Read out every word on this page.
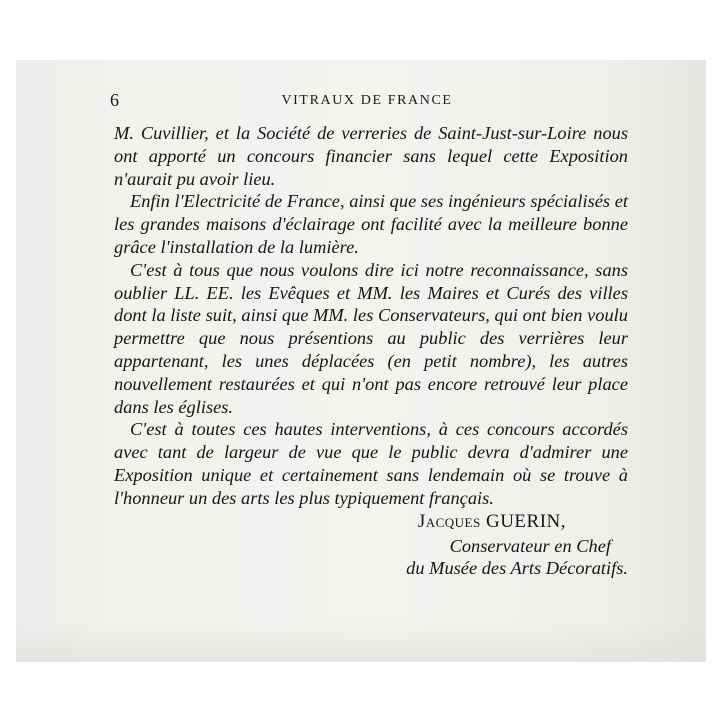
6	VITRAUX DE FRANCE

M. Cuvillier, et la Société de verreries de Saint-Just-sur-Loire nous ont apporté un concours financier sans lequel cette Exposition n'aurait pu avoir lieu.

Enfin l'Electricité de France, ainsi que ses ingénieurs spécialisés et les grandes maisons d'éclairage ont facilité avec la meilleure bonne grâce l'installation de la lumière.

C'est à tous que nous voulons dire ici notre reconnaissance, sans oublier LL. EE. les Evêques et MM. les Maires et Curés des villes dont la liste suit, ainsi que MM. les Conservateurs, qui ont bien voulu permettre que nous présentions au public des verrières leur appartenant, les unes déplacées (en petit nombre), les autres nouvellement restaurées et qui n'ont pas encore retrouvé leur place dans les églises.

C'est à toutes ces hautes interventions, à ces concours accordés avec tant de largeur de vue que le public devra d'admirer une Exposition unique et certainement sans lendemain où se trouve à l'honneur un des arts les plus typiquement français.

Jacques GUERIN,
Conservateur en Chef
du Musée des Arts Décoratifs.
